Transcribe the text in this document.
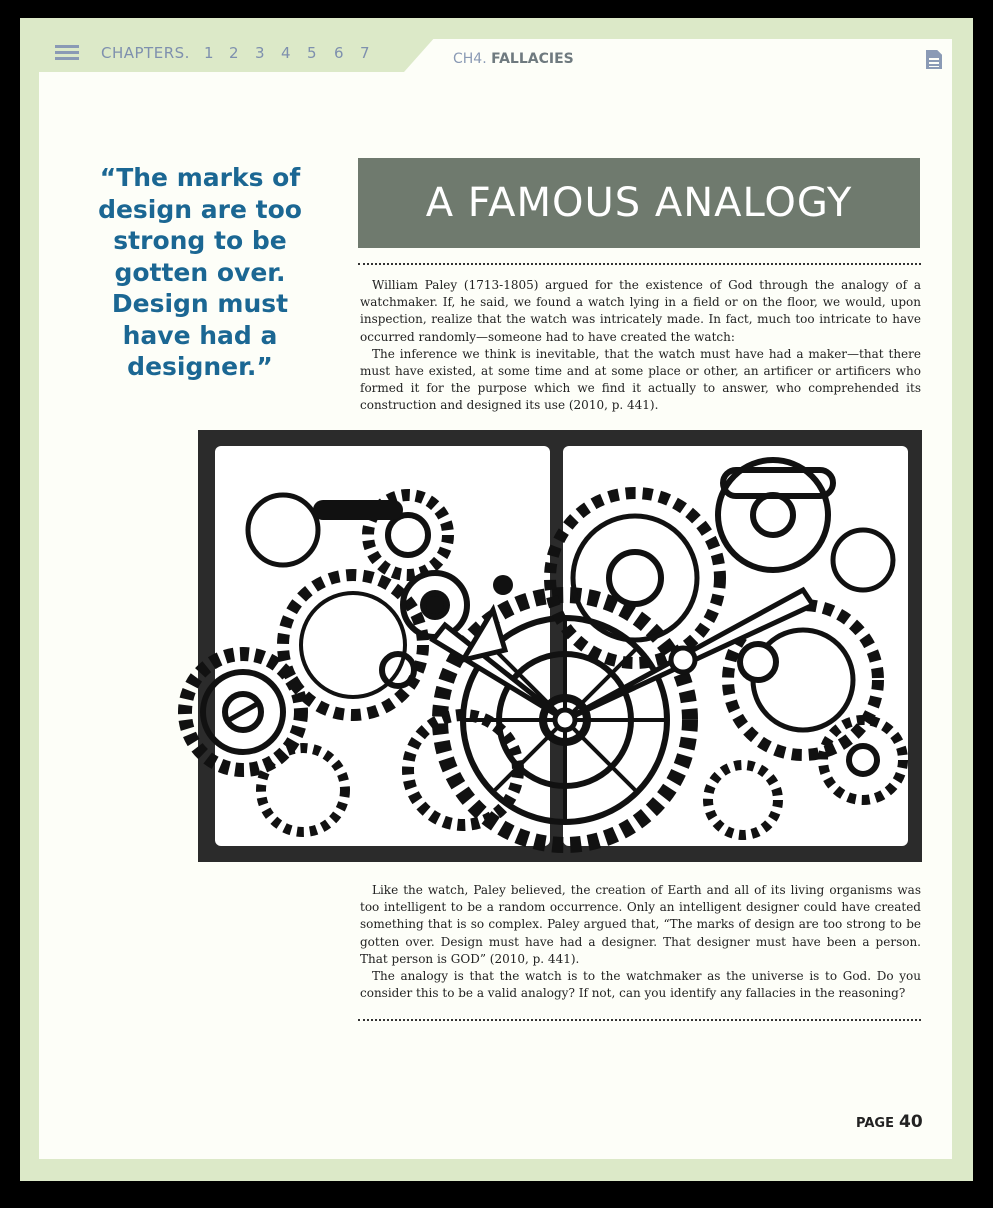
CHAPTERS. 1 2 3 4 5 6 7	CH4. FALLACIES
“The marks of design are too strong to be gotten over. Design must have had a designer.”
A FAMOUS ANALOGY

William Paley (1713-1805) argued for the existence of God through the analogy of a watchmaker. If, he said, we found a watch lying in a field or on the floor, we would, upon inspection, realize that the watch was intricately made. In fact, much too intricate to have occurred randomly—someone had to have created the watch:

The inference we think is inevitable, that the watch must have had a maker—that there must have existed, at some time and at some place or other, an artificer or artificers who formed it for the purpose which we find it actually to answer, who comprehended its construction and designed its use (2010, p. 441).

Like the watch, Paley believed, the creation of Earth and all of its living organisms was too intelligent to be a random occurrence. Only an intelligent designer could have created something that is so complex. Paley argued that, “The marks of design are too strong to be gotten over. Design must have had a designer. That designer must have been a person. That person is GOD” (2010, p. 441).

The analogy is that the watch is to the watchmaker as the universe is to God. Do you consider this to be a valid analogy? If not, can you identify any fallacies in the reasoning?

PAGE 40
